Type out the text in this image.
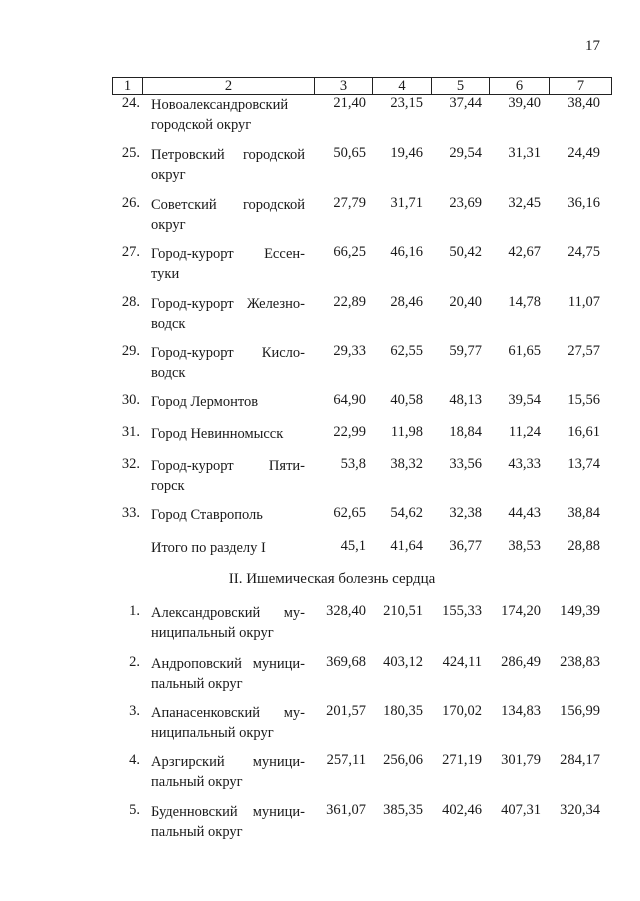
17
1	2	3	4	5	6	7
24. Новоалександровский
городской округ
21,40	23,15	37,44	39,40	38,40
25. Петровский городской
округ
50,65	19,46	29,54	31,31	24,49
26. Советский городской
округ
27,79	31,71	23,69	32,45	36,16
27. Город-курорт Ессен-
туки
66,25	46,16	50,42	42,67	24,75
28. Город-курорт Железно-
водск
22,89	28,46	20,40	14,78	11,07
29. Город-курорт Кисло-
водск
29,33	62,55	59,77	61,65	27,57
30. Город Лермонтов	64,90	40,58	48,13	39,54	15,56
31. Город Невинномысск	22,99	11,98	18,84	11,24	16,61
32. Город-курорт Пяти-
горск
53,8	38,32	33,56	43,33	13,74
33. Город Ставрополь	62,65	54,62	32,38	44,43	38,84
Итого по разделу I	45,1	41,64	36,77	38,53	28,88
II. Ишемическая болезнь сердца
1. Александровский му-
ниципальный округ
328,40	210,51	155,33	174,20	149,39
2. Андроповский муници-
пальный округ
369,68	403,12	424,11	286,49	238,83
3. Апанасенковский му-
ниципальный округ
201,57	180,35	170,02	134,83	156,99
4. Арзгирский муници-
пальный округ
257,11	256,06	271,19	301,79	284,17
5. Буденновский муници-
пальный округ
361,07	385,35	402,46	407,31	320,34
